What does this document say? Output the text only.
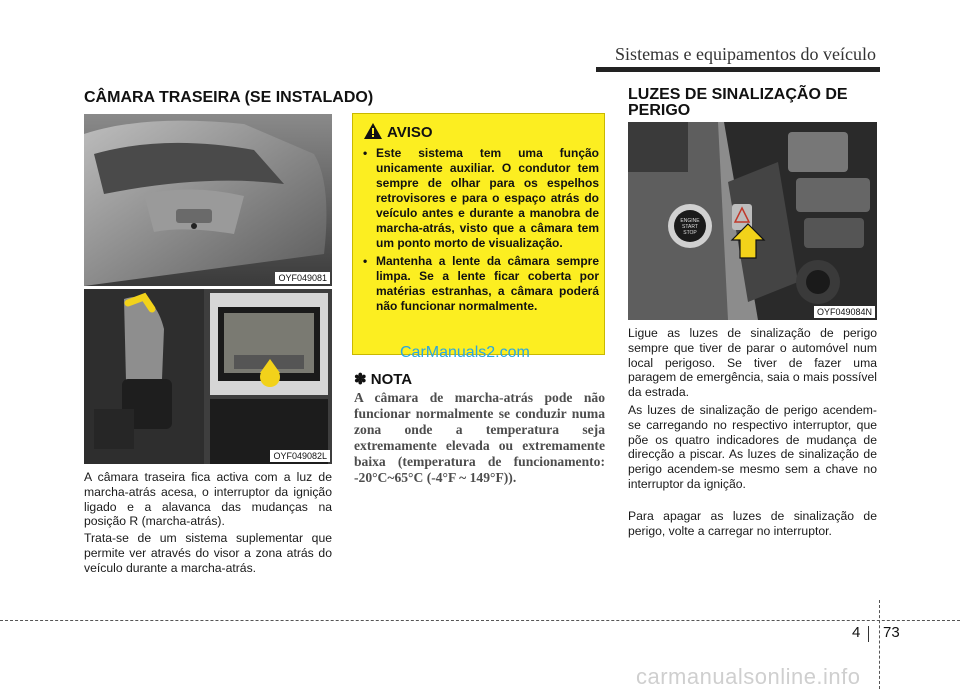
Sistemas e equipamentos do veículo
CÂMARA TRASEIRA (SE INSTALADO)
OYF049081
OYF049082L
A câmara traseira fica activa com a luz de marcha-atrás acesa, o interruptor da ignição ligado e a alavanca das mudanças na posição R (marcha-atrás).
Trata-se de um sistema suplementar que permite ver através do visor a zona atrás do veículo durante a marcha-atrás.
AVISO
• Este sistema tem uma função unicamente auxiliar. O condutor tem sempre de olhar para os espelhos retrovisores e para o espaço atrás do veículo antes e durante a manobra de marcha-atrás, visto que a câmara tem um ponto morto de visualização.
• Mantenha a lente da câmara sempre limpa. Se a lente ficar coberta por matérias estranhas, a câmara poderá não funcionar normalmente.
CarManuals2.com
✽ NOTA
A câmara de marcha-atrás pode não funcionar normalmente se conduzir numa zona onde a temperatura seja extremamente elevada ou extremamente baixa (temperatura de funcionamento: -20°C~65°C (-4°F ~ 149°F)).
LUZES DE SINALIZAÇÃO DE PERIGO
ENGINE
START
STOP
OYF049084N
Ligue as luzes de sinalização de perigo sempre que tiver de parar o automóvel num local perigoso. Se tiver de fazer uma paragem de emergência, saia o mais possível da estrada.
As luzes de sinalização de perigo acendem-se carregando no respectivo interruptor, que põe os quatro indicadores de mudança de direcção a piscar. As luzes de sinalização de perigo acendem-se mesmo sem a chave no interruptor da ignição.
Para apagar as luzes de sinalização de perigo, volte a carregar no interruptor.
4 73
carmanualsonline.info
